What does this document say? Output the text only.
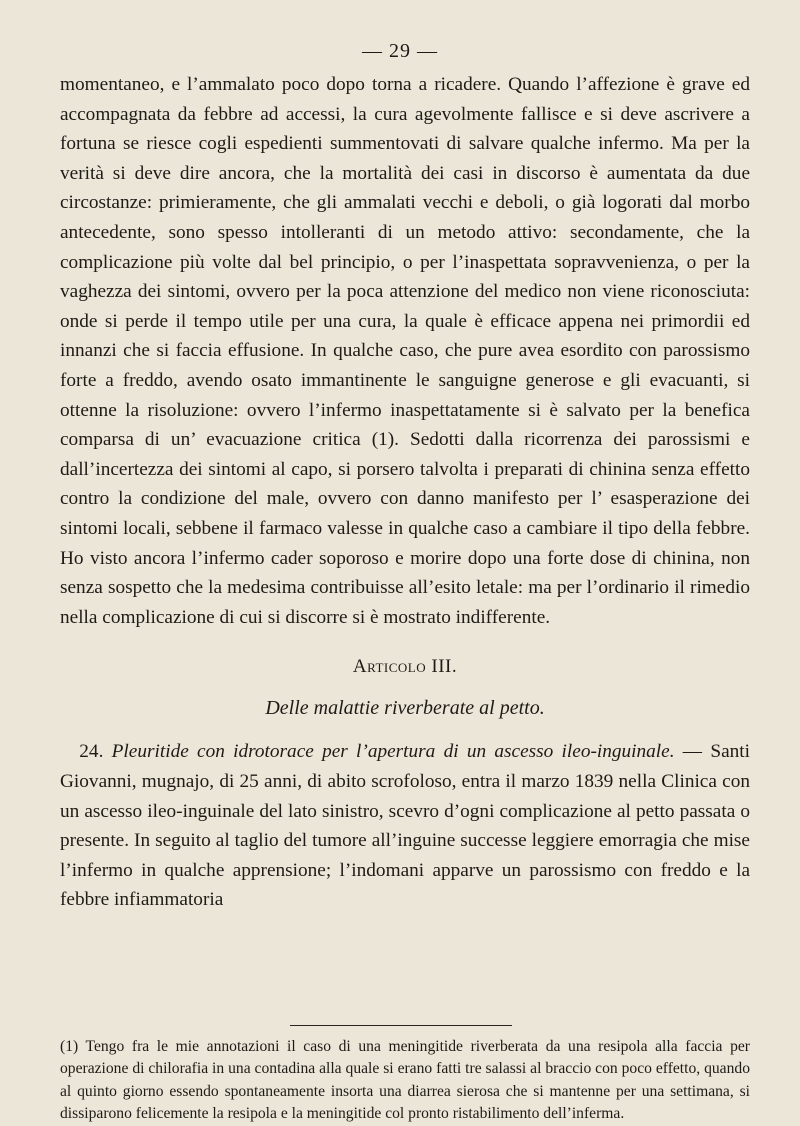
— 29 —

momentaneo, e l’ammalato poco dopo torna a ricadere. Quando l’affezione è grave ed accompagnata da febbre ad accessi, la cura agevolmente fallisce e si deve ascrivere a fortuna se riesce cogli espedienti summentovati di salvare qualche infermo. Ma per la verità si deve dire ancora, che la mortalità dei casi in discorso è aumentata da due circostanze: primieramente, che gli ammalati vecchi e deboli, o già logorati dal morbo antecedente, sono spesso intolleranti di un metodo attivo: secondamente, che la complicazione più volte dal bel principio, o per l’inaspettata sopravvenienza, o per la vaghezza dei sintomi, ovvero per la poca attenzione del medico non viene riconosciuta: onde si perde il tempo utile per una cura, la quale è efficace appena nei primordii ed innanzi che si faccia effusione. In qualche caso, che pure avea esordito con parossismo forte a freddo, avendo osato immantinente le sanguigne generose e gli evacuanti, si ottenne la risoluzione: ovvero l’infermo inaspettatamente si è salvato per la benefica comparsa di un’ evacuazione critica (1). Sedotti dalla ricorrenza dei parossismi e dall’incertezza dei sintomi al capo, si porsero talvolta i preparati di chinina senza effetto contro la condizione del male, ovvero con danno manifesto per l’ esasperazione dei sintomi locali, sebbene il farmaco valesse in qualche caso a cambiare il tipo della febbre. Ho visto ancora l’infermo cader soporoso e morire dopo una forte dose di chinina, non senza sospetto che la medesima contribuisse all’esito letale: ma per l’ordinario il rimedio nella complicazione di cui si discorre si è mostrato indifferente.

Articolo III.
Delle malattie riverberate al petto.

 24. Pleuritide con idrotorace per l’apertura di un ascesso ileo-inguinale. — Santi Giovanni, mugnajo, di 25 anni, di abito scrofoloso, entra il marzo 1839 nella Clinica con un ascesso ileo-inguinale del lato sinistro, scevro d’ogni complicazione al petto passata o presente. In seguito al taglio del tumore all’inguine successe leggiere emorragia che mise l’infermo in qualche apprensione; l’indomani apparve un parossismo con freddo e la febbre infiammatoria

(1) Tengo fra le mie annotazioni il caso di una meningitide riverberata da una resipola alla faccia per operazione di chilorafia in una contadina alla quale si erano fatti tre salassi al braccio con poco effetto, quando al quinto giorno essendo spontaneamente insorta una diarrea sierosa che si mantenne per una settimana, si dissiparono felicemente la resipola e la meningitide col pronto ristabilimento dell’inferma.
